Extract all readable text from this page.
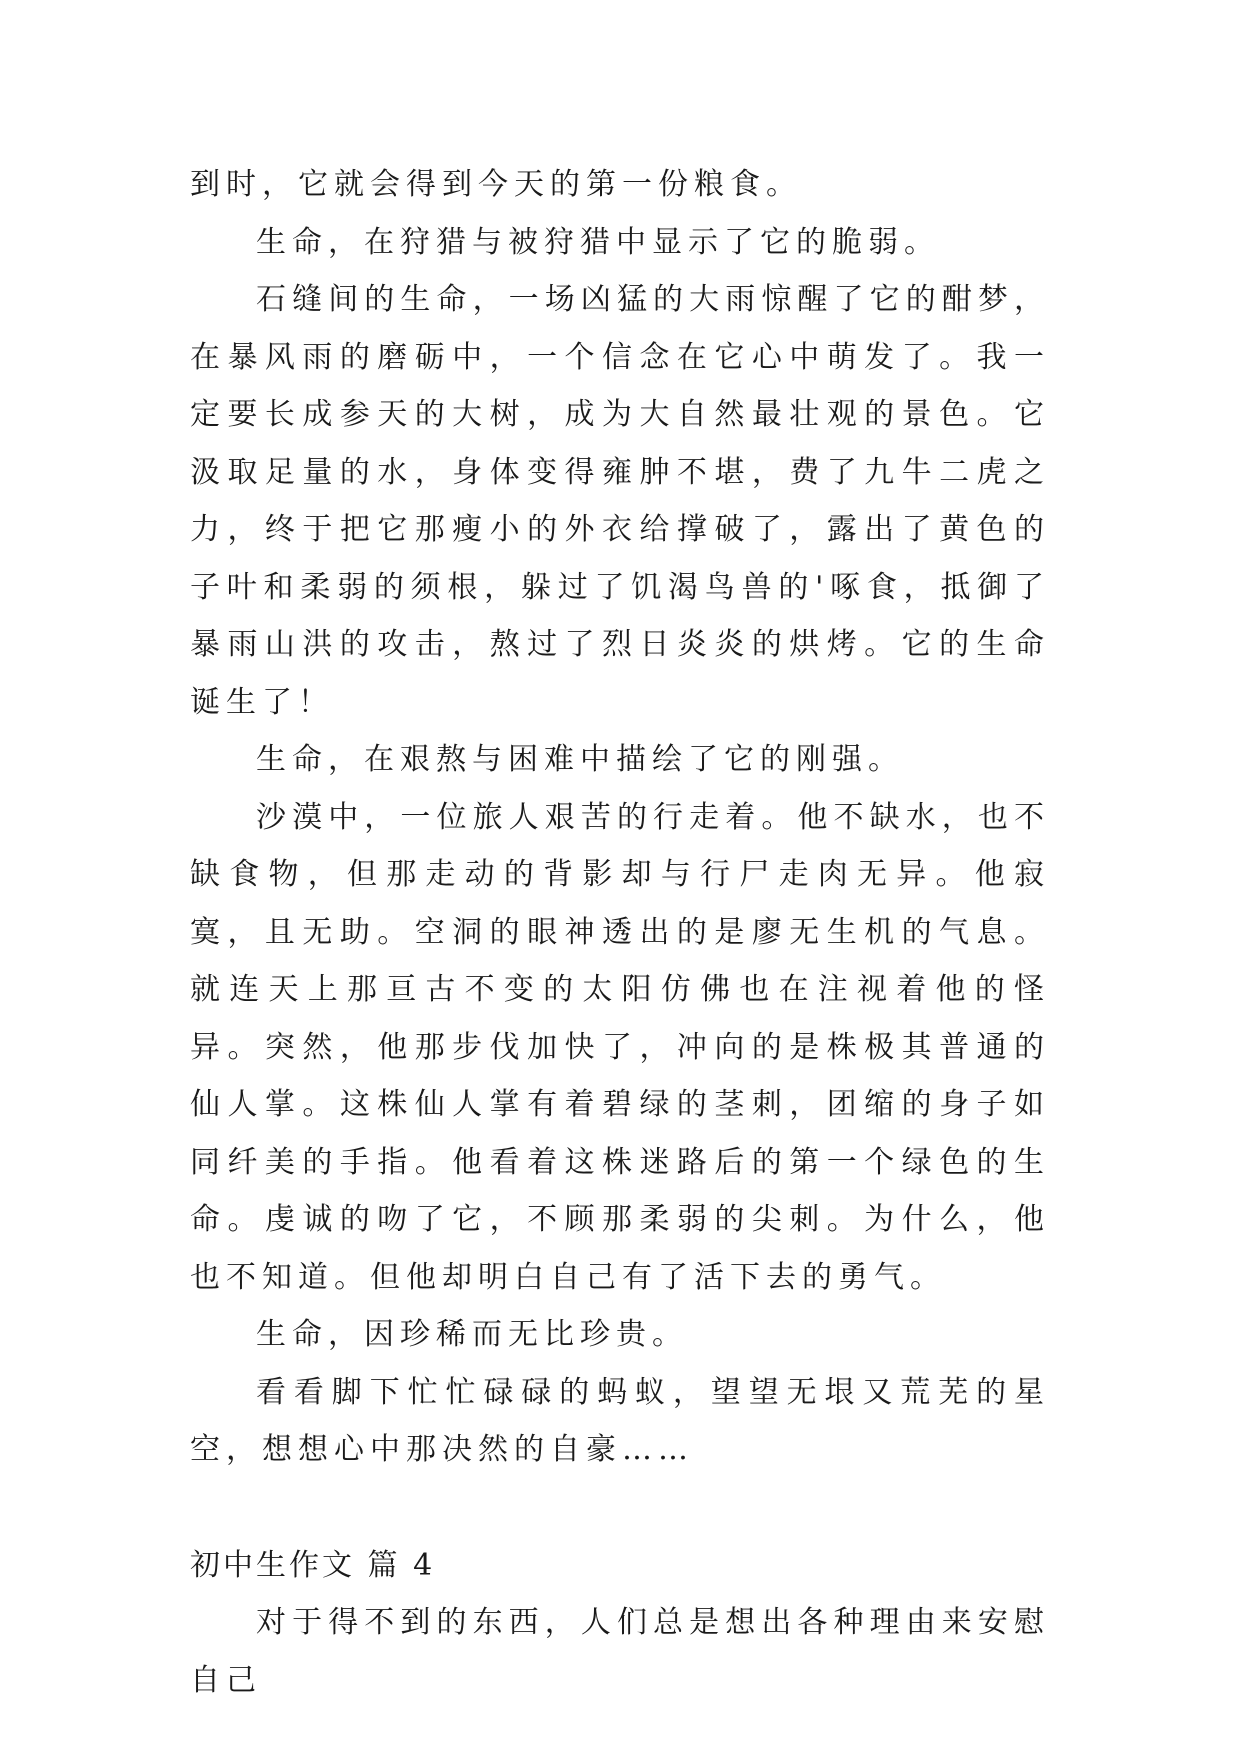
到时，它就会得到今天的第一份粮食。

生命，在狩猎与被狩猎中显示了它的脆弱。

石缝间的生命，一场凶猛的大雨惊醒了它的酣梦，在暴风雨的磨砺中，一个信念在它心中萌发了。我一定要长成参天的大树，成为大自然最壮观的景色。它汲取足量的水，身体变得雍肿不堪，费了九牛二虎之力，终于把它那瘦小的外衣给撑破了，露出了黄色的子叶和柔弱的须根，躲过了饥渴鸟兽的'啄食，抵御了暴雨山洪的攻击，熬过了烈日炎炎的烘烤。它的生命诞生了！

生命，在艰熬与困难中描绘了它的刚强。

沙漠中，一位旅人艰苦的行走着。他不缺水，也不缺食物，但那走动的背影却与行尸走肉无异。他寂寞，且无助。空洞的眼神透出的是廖无生机的气息。就连天上那亘古不变的太阳仿佛也在注视着他的怪异。突然，他那步伐加快了，冲向的是株极其普通的仙人掌。这株仙人掌有着碧绿的茎刺，团缩的身子如同纤美的手指。他看着这株迷路后的第一个绿色的生命。虔诚的吻了它，不顾那柔弱的尖刺。为什么，他也不知道。但他却明白自己有了活下去的勇气。

生命，因珍稀而无比珍贵。

看看脚下忙忙碌碌的蚂蚁，望望无垠又荒芜的星空，想想心中那决然的自豪……

初中生作文 篇 4

对于得不到的东西，人们总是想出各种理由来安慰自己
